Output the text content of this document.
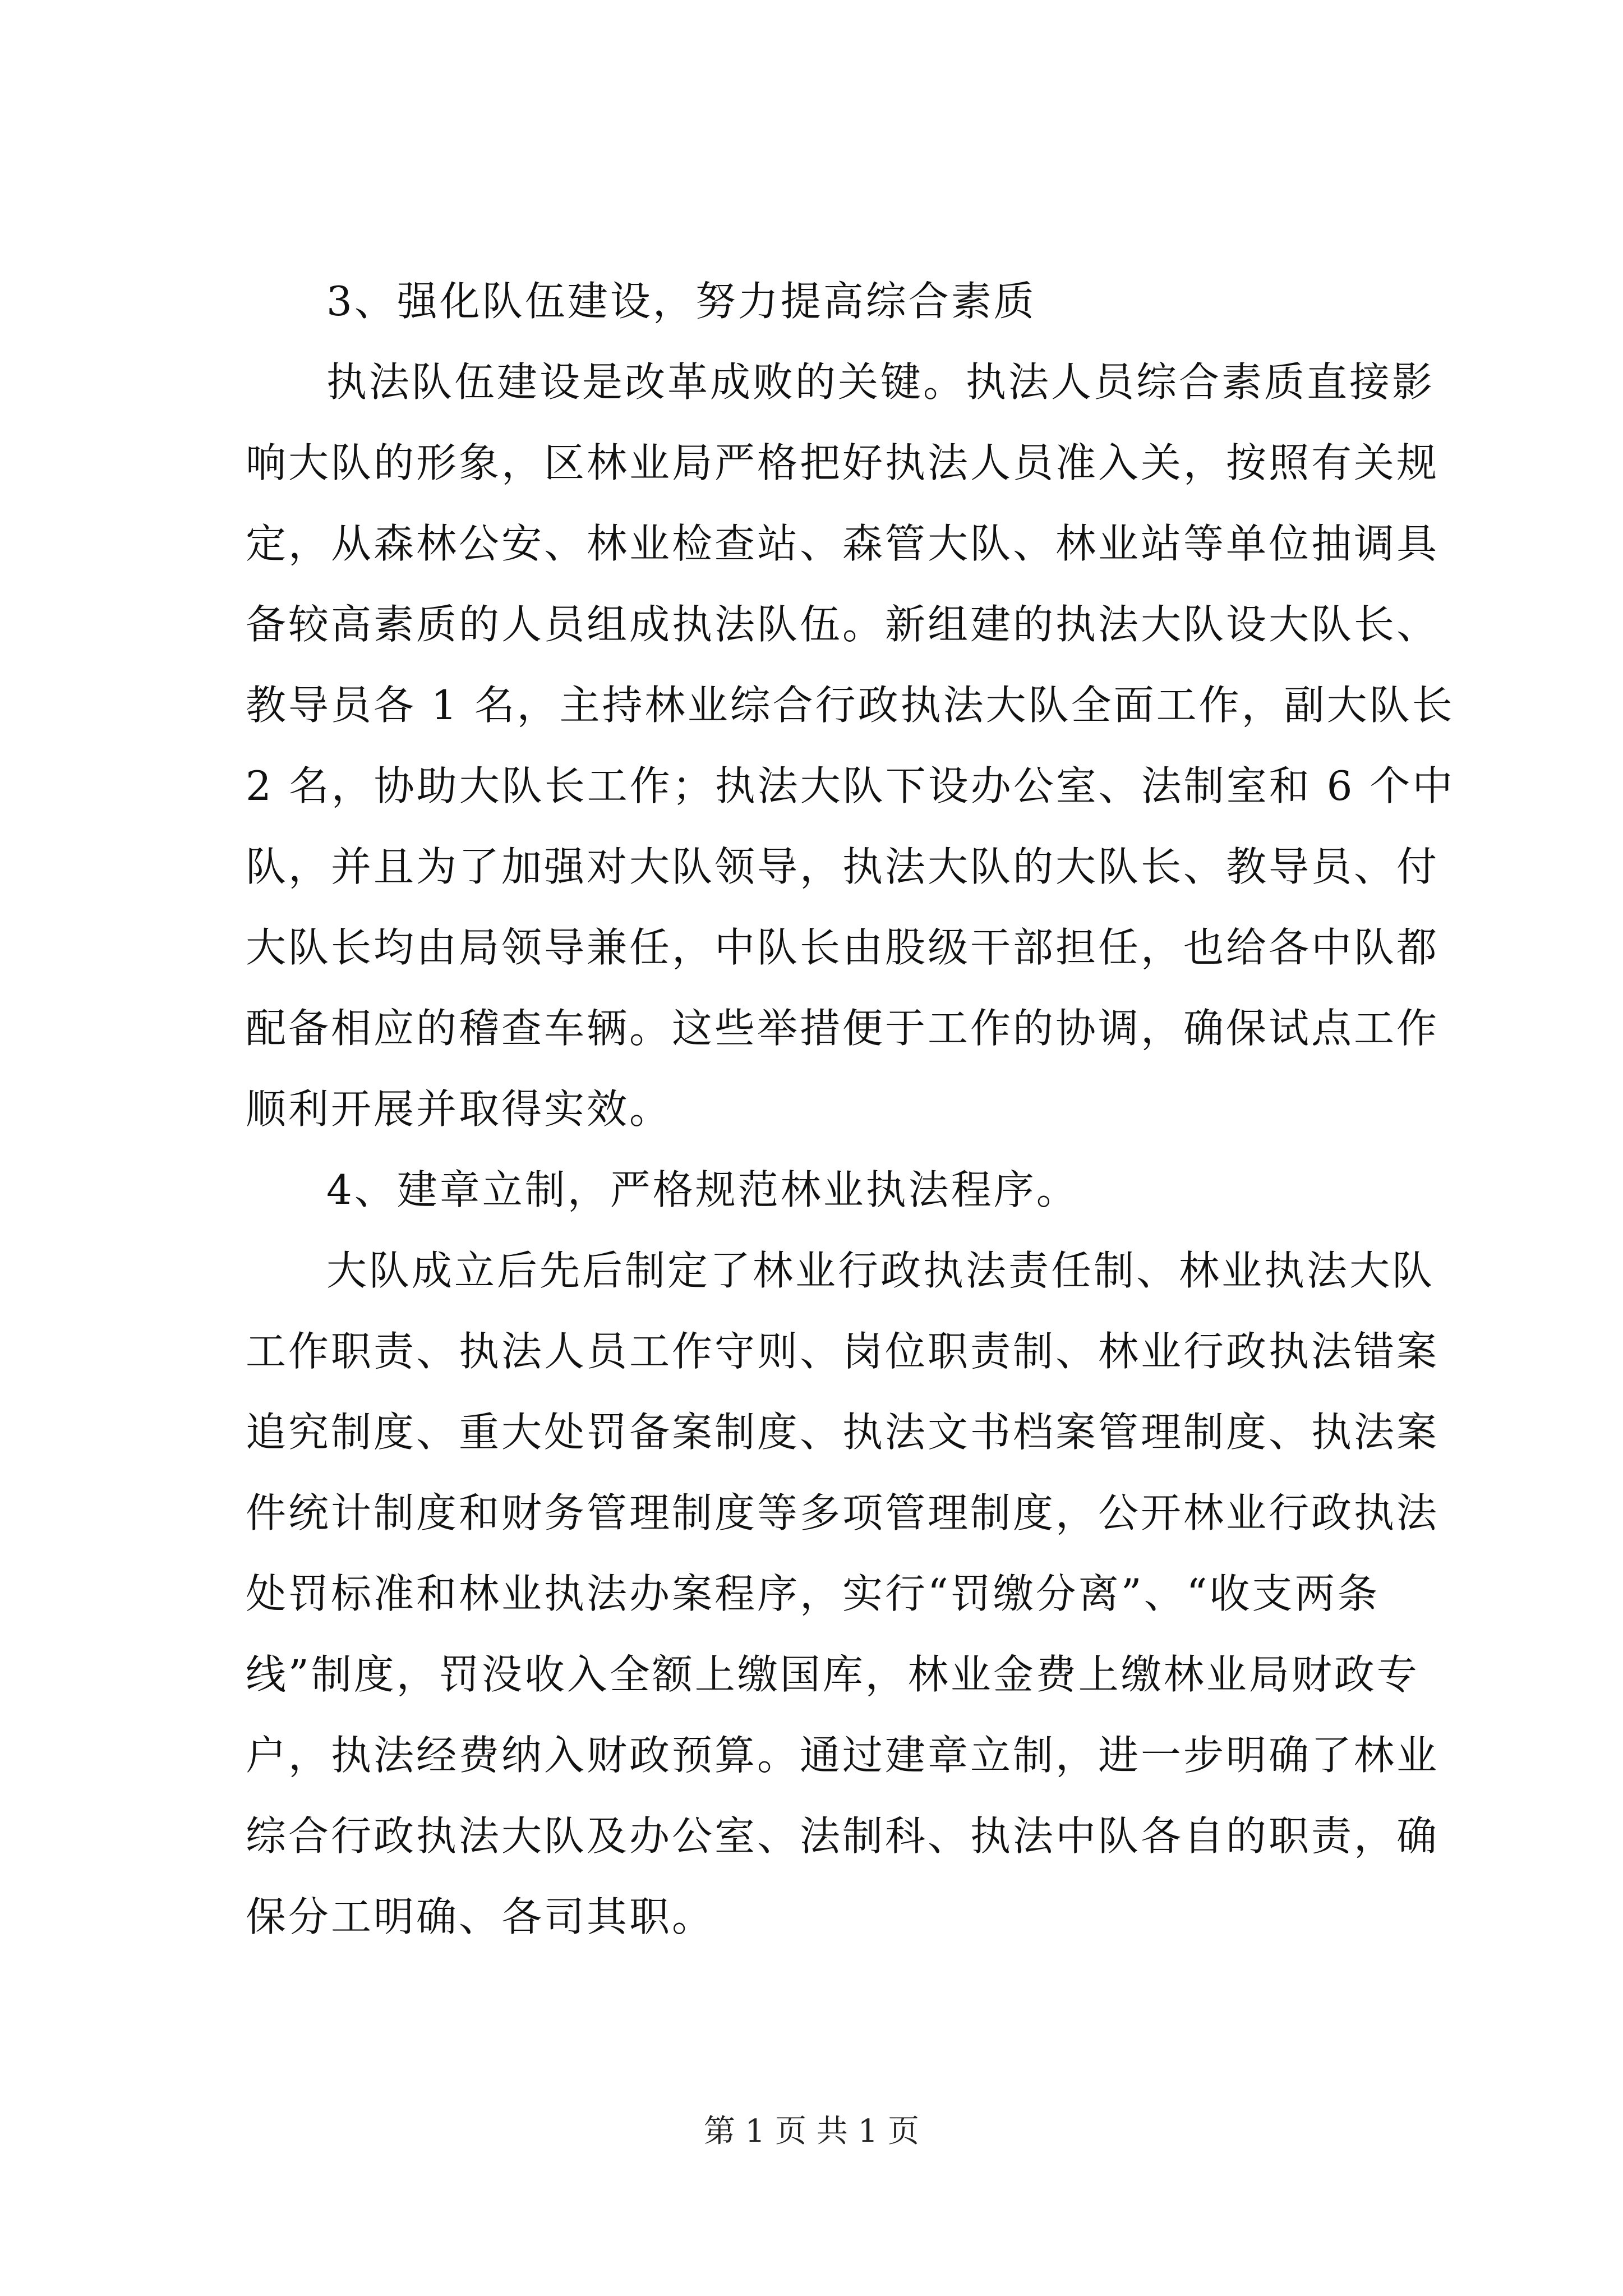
3、强化队伍建设，努力提高综合素质
执法队伍建设是改革成败的关键。执法人员综合素质直接影
响大队的形象，区林业局严格把好执法人员准入关，按照有关规
定，从森林公安、林业检查站、森管大队、林业站等单位抽调具
备较高素质的人员组成执法队伍。新组建的执法大队设大队长、
教导员各 1 名，主持林业综合行政执法大队全面工作，副大队长
2 名，协助大队长工作；执法大队下设办公室、法制室和 6 个中
队，并且为了加强对大队领导，执法大队的大队长、教导员、付
大队长均由局领导兼任，中队长由股级干部担任，也给各中队都
配备相应的稽查车辆。这些举措便于工作的协调，确保试点工作
顺利开展并取得实效。
4、建章立制，严格规范林业执法程序。
大队成立后先后制定了林业行政执法责任制、林业执法大队
工作职责、执法人员工作守则、岗位职责制、林业行政执法错案
追究制度、重大处罚备案制度、执法文书档案管理制度、执法案
件统计制度和财务管理制度等多项管理制度，公开林业行政执法
处罚标准和林业执法办案程序，实行“罚缴分离”、“收支两条
线”制度，罚没收入全额上缴国库，林业金费上缴林业局财政专
户，执法经费纳入财政预算。通过建章立制，进一步明确了林业
综合行政执法大队及办公室、法制科、执法中队各自的职责，确
保分工明确、各司其职。
第 1 页 共 1 页
